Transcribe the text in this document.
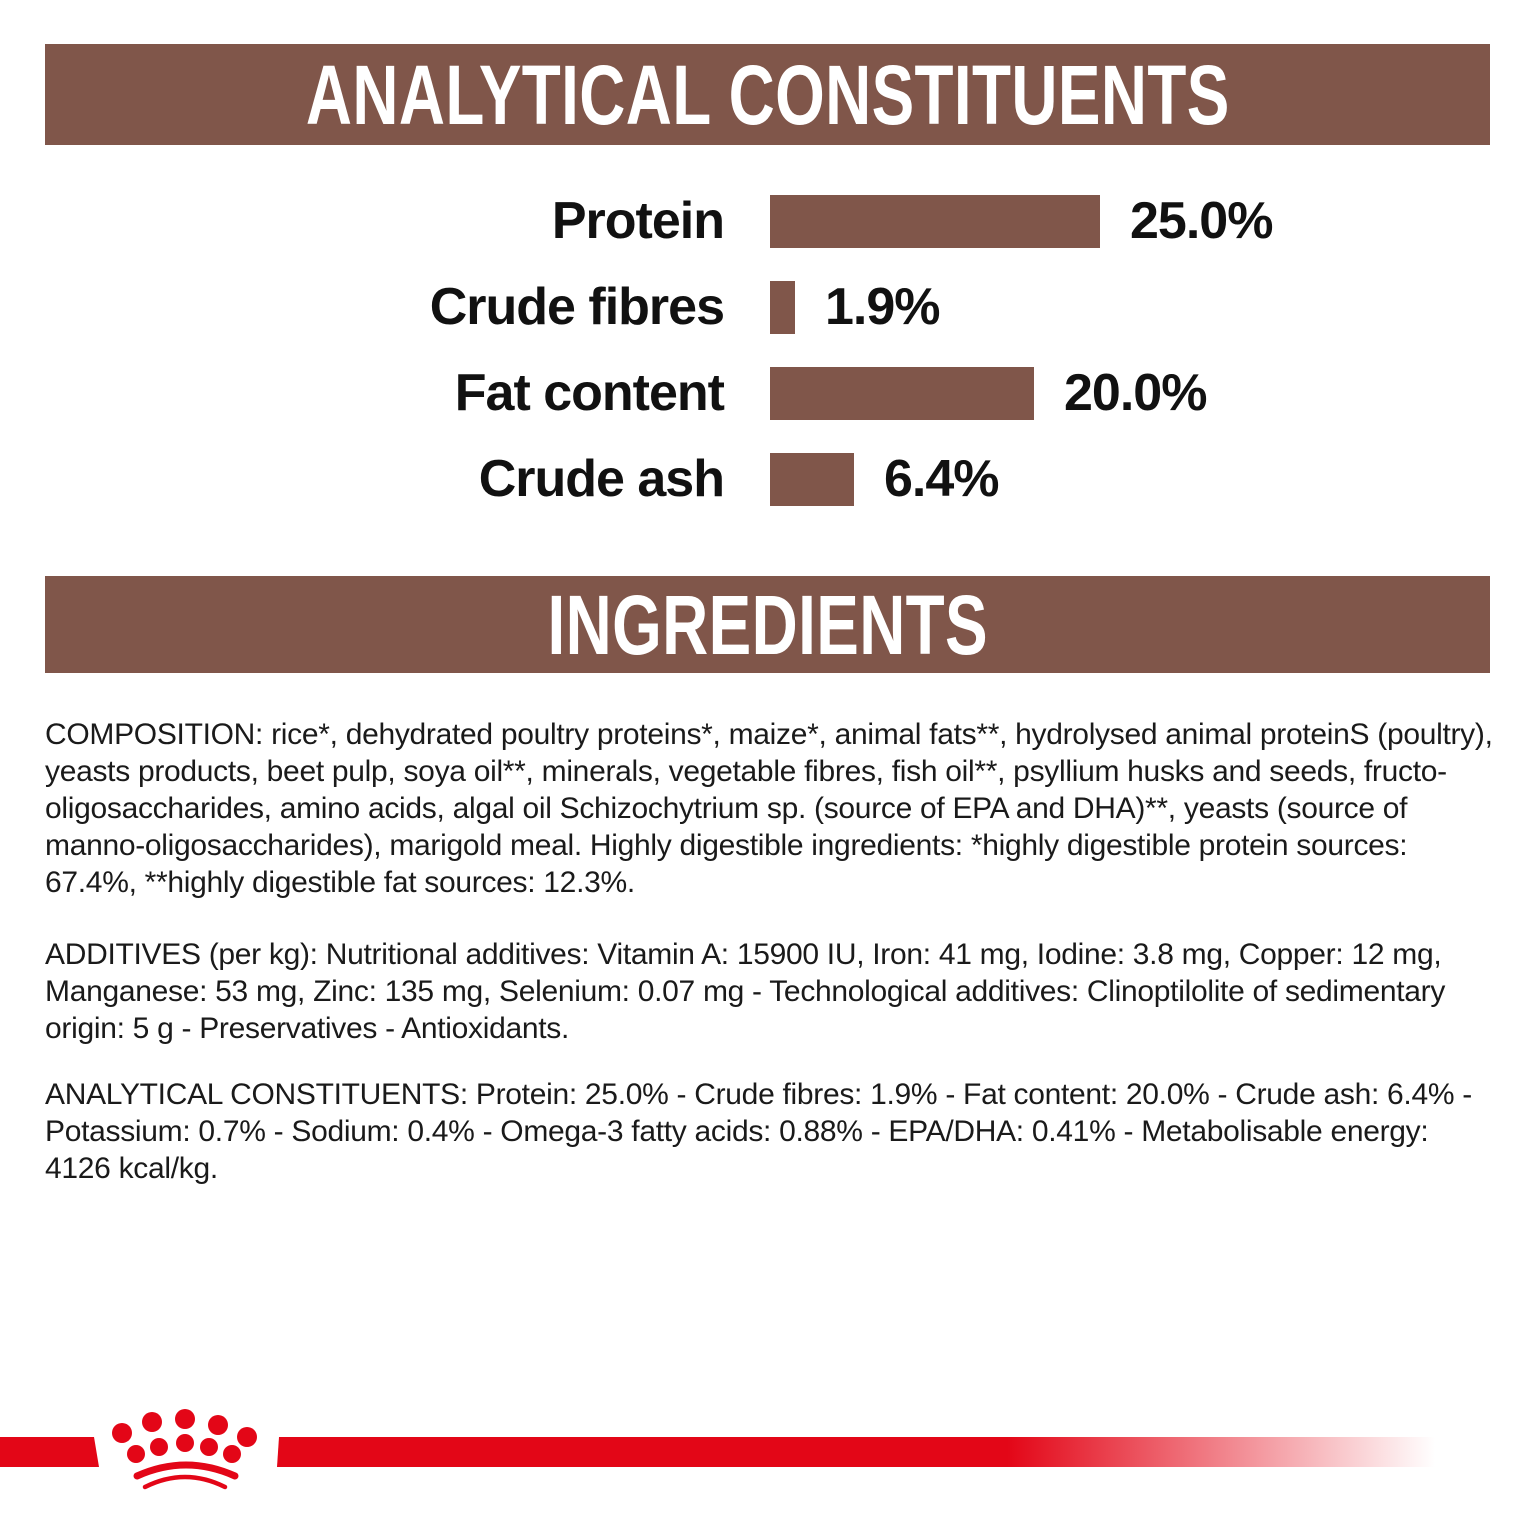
ANALYTICAL CONSTITUENTS
Protein	25.0%
Crude fibres 1.9%
Fat content	20.0%
Crude ash	6.4%
INGREDIENTS

COMPOSITION: rice*, dehydrated poultry proteins*, maize*, animal fats**, hydrolysed animal proteinS (poultry), yeasts products, beet pulp, soya oil**, minerals, vegetable fibres, fish oil**, psyllium husks and seeds, fructo-oligosaccharides, amino acids, algal oil Schizochytrium sp. (source of EPA and DHA)**, yeasts (source of manno-oligosaccharides), marigold meal. Highly digestible ingredients: *highly digestible protein sources: 67.4%, **highly digestible fat sources: 12.3%.

ADDITIVES (per kg): Nutritional additives: Vitamin A: 15900 IU, Iron: 41 mg, Iodine: 3.8 mg, Copper: 12 mg, Manganese: 53 mg, Zinc: 135 mg, Selenium: 0.07 mg - Technological additives: Clinoptilolite of sedimentary origin: 5 g - Preservatives - Antioxidants.

ANALYTICAL CONSTITUENTS: Protein: 25.0% - Crude fibres: 1.9% - Fat content: 20.0% - Crude ash: 6.4% - Potassium: 0.7% - Sodium: 0.4% - Omega-3 fatty acids: 0.88% - EPA/DHA: 0.41% - Metabolisable energy: 4126 kcal/kg.
